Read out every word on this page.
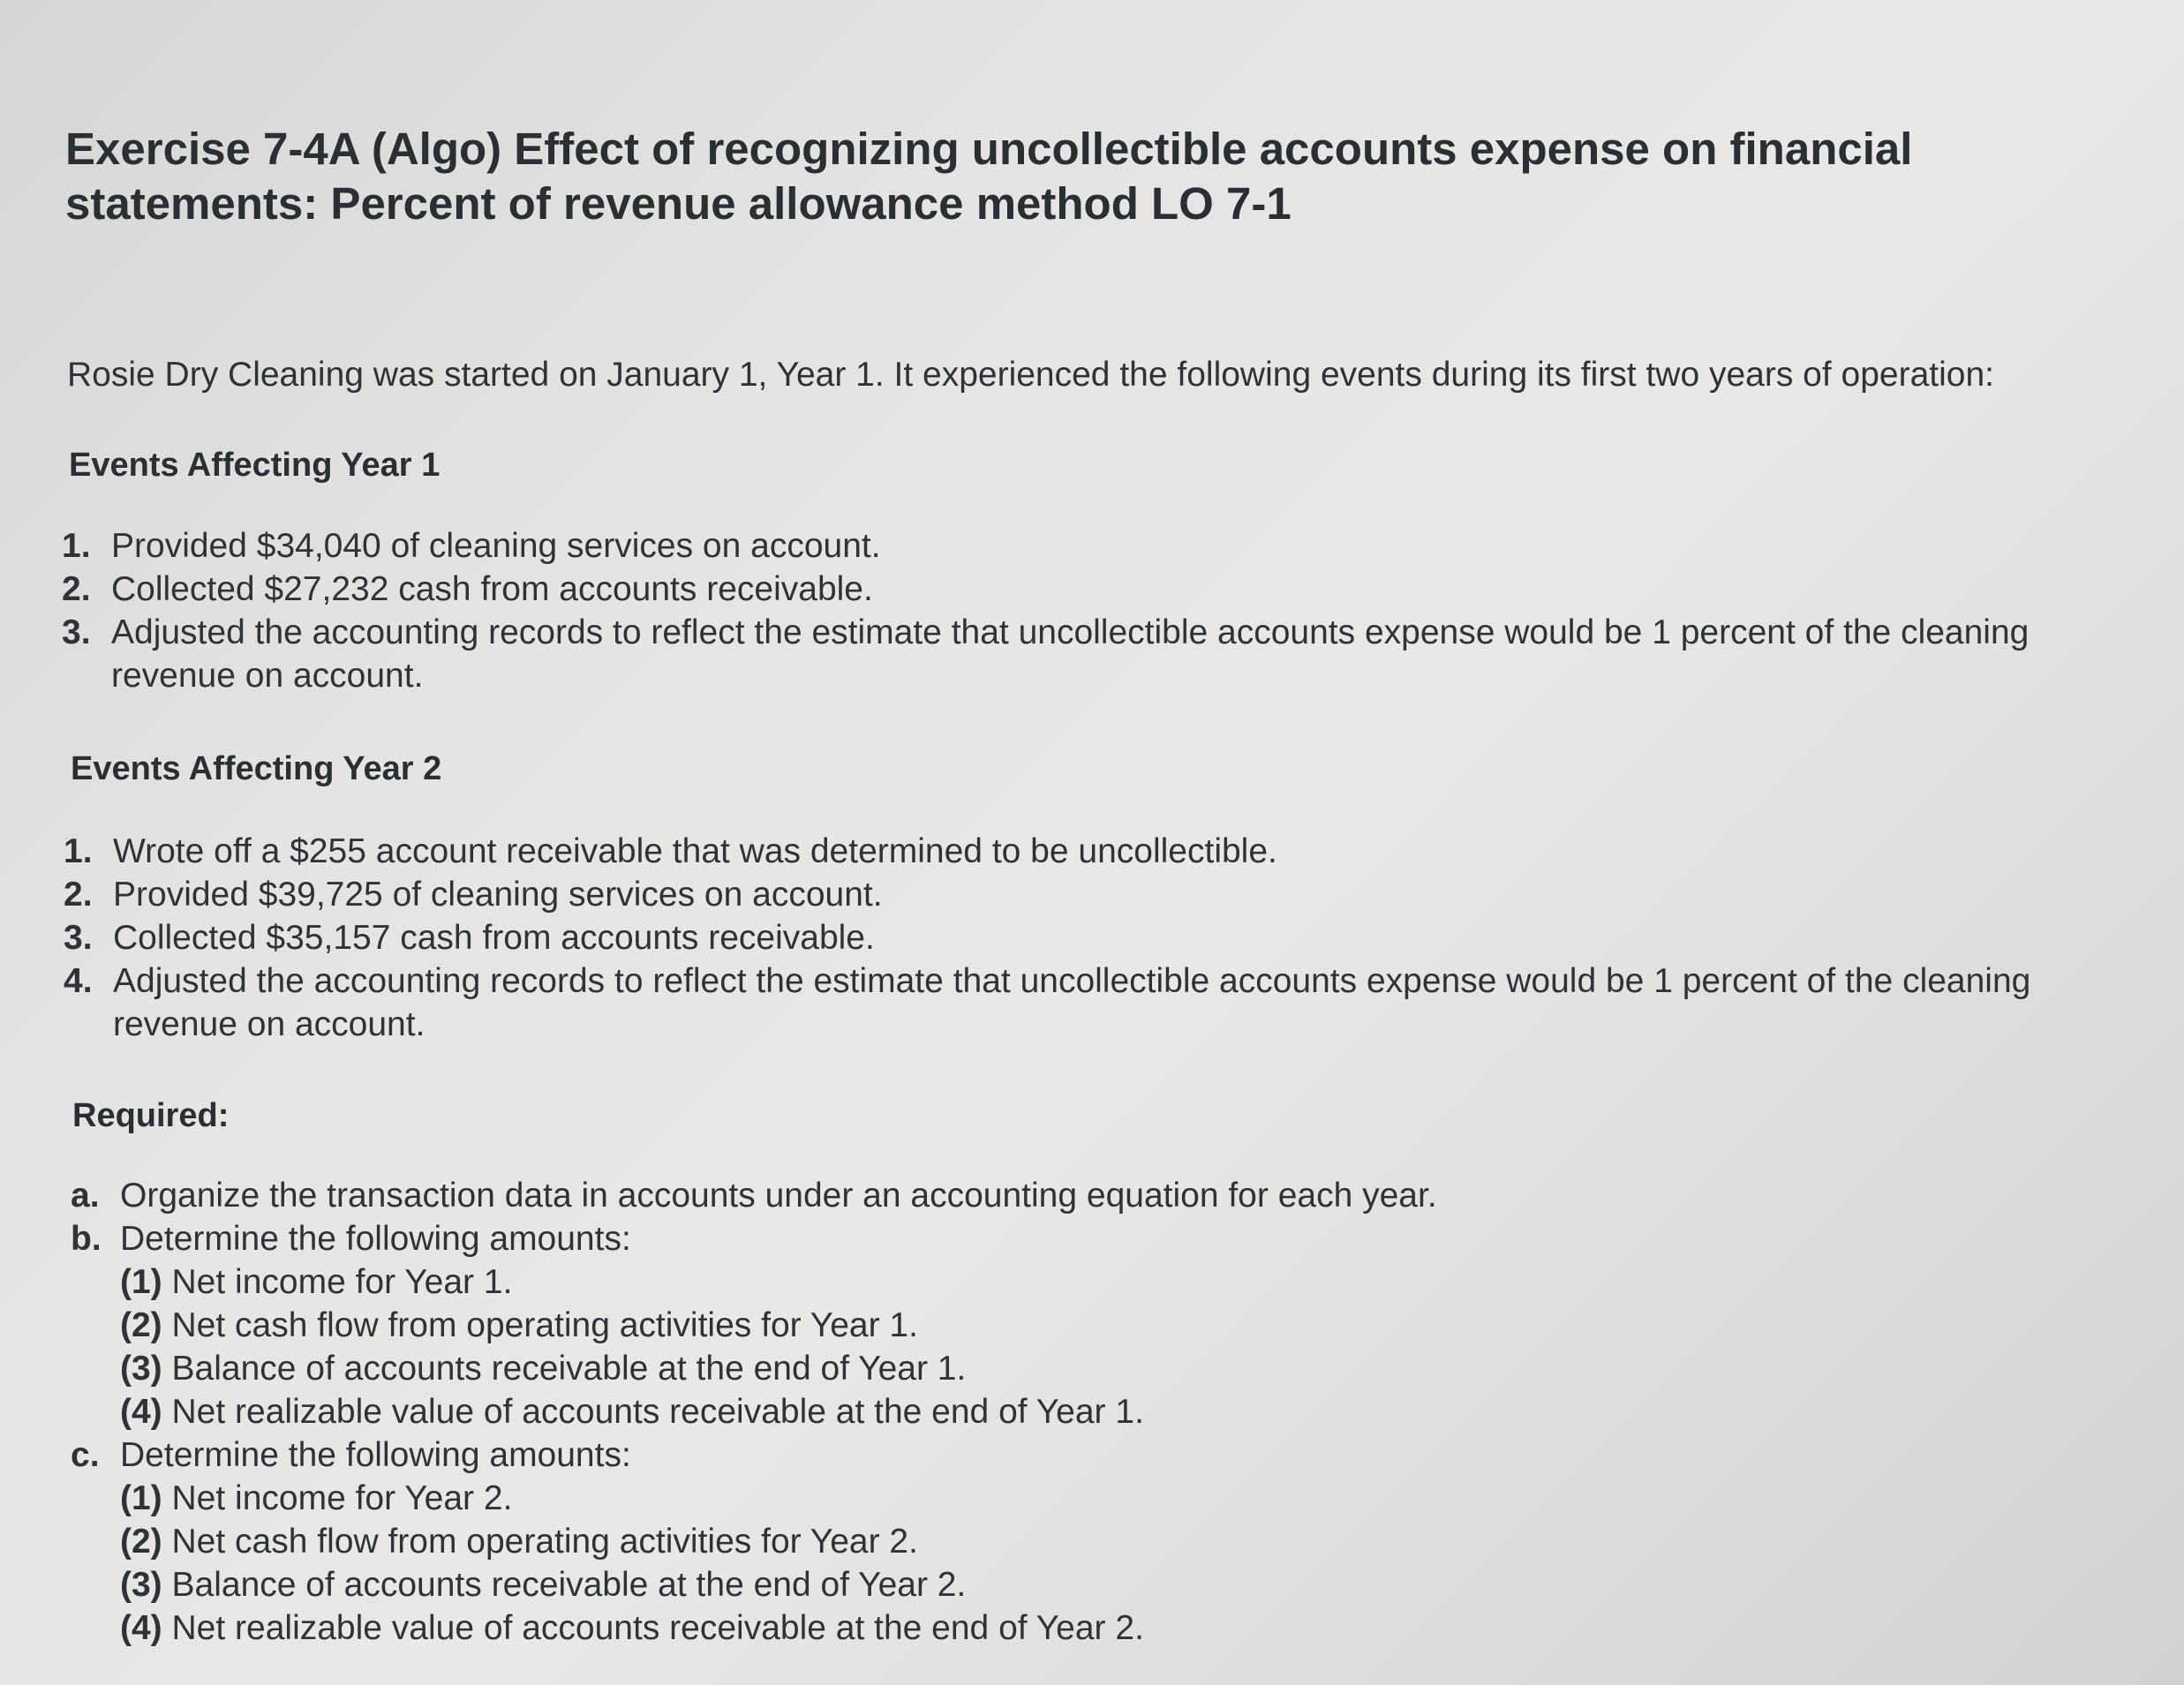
Exercise 7-4A (Algo) Effect of recognizing uncollectible accounts expense on financial statements: Percent of revenue allowance method LO 7-1

Rosie Dry Cleaning was started on January 1, Year 1. It experienced the following events during its first two years of operation:

Events Affecting Year 1
1. Provided $34,040 of cleaning services on account.
2. Collected $27,232 cash from accounts receivable.
3. Adjusted the accounting records to reflect the estimate that uncollectible accounts expense would be 1 percent of the cleaning revenue on account.
Events Affecting Year 2
1. Wrote off a $255 account receivable that was determined to be uncollectible.
2. Provided $39,725 of cleaning services on account.
3. Collected $35,157 cash from accounts receivable.
4. Adjusted the accounting records to reflect the estimate that uncollectible accounts expense would be 1 percent of the cleaning revenue on account.
Required:
a. Organize the transaction data in accounts under an accounting equation for each year.
b. Determine the following amounts:
(1) Net income for Year 1.
(2) Net cash flow from operating activities for Year 1.
(3) Balance of accounts receivable at the end of Year 1.
(4) Net realizable value of accounts receivable at the end of Year 1.
c. Determine the following amounts:
(1) Net income for Year 2.
(2) Net cash flow from operating activities for Year 2.
(3) Balance of accounts receivable at the end of Year 2.
(4) Net realizable value of accounts receivable at the end of Year 2.
